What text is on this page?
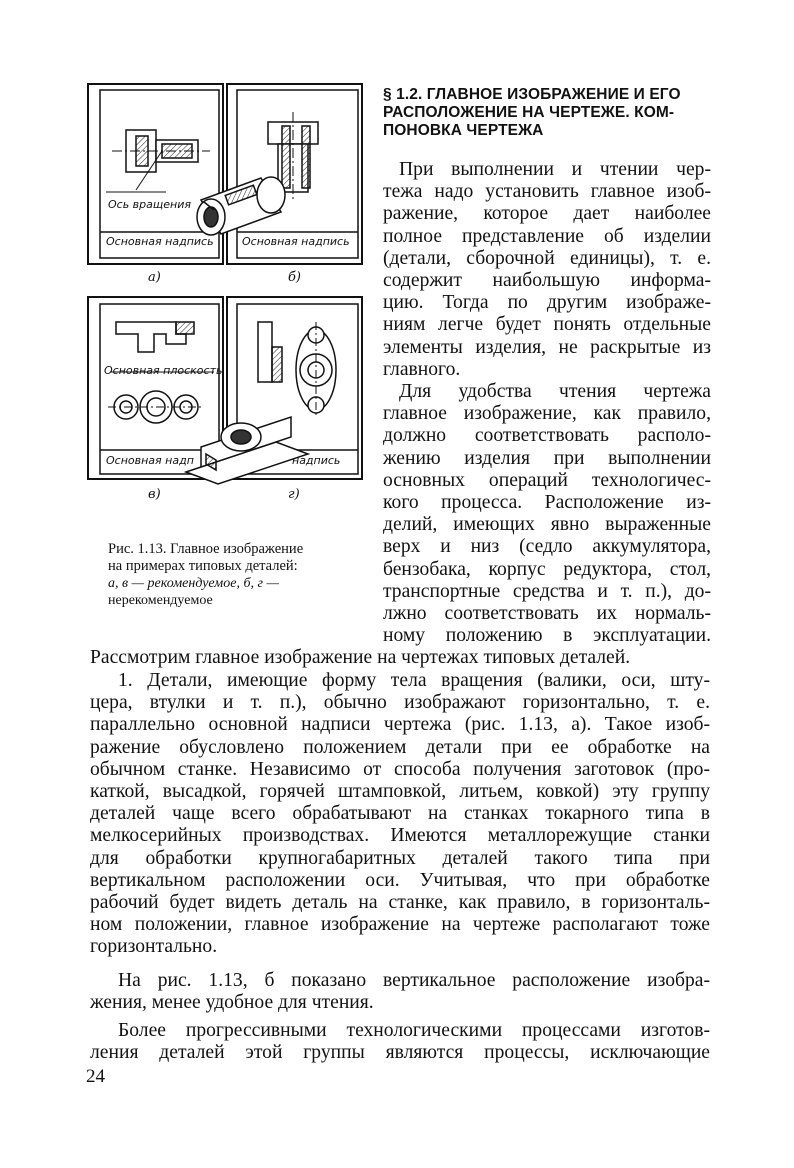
Ось вращения
Основная надпись	Основная надпись
Основная плоскость
Основная надп	надпись
а)	б)
в)	г)
Рис. 1.13. Главное изображение
на примерах типовых деталей:
а, в — рекомендуемое, б, г —
нерекомендуемое
§ 1.2. ГЛАВНОЕ ИЗОБРАЖЕНИЕ И ЕГО
РАСПОЛОЖЕНИЕ НА ЧЕРТЕЖЕ. КОМ-
ПОНОВКА ЧЕРТЕЖА
При выполнении и чтении чер-
тежа надо установить главное изоб-
ражение, которое дает наиболее
полное представление об изделии
(детали, сборочной единицы), т. е.
содержит наибольшую информа-
цию. Тогда по другим изображе-
ниям легче будет понять отдельные
элементы изделия, не раскрытые из
главного.
Для удобства чтения чертежа
главное изображение, как правило,
должно соответствовать располо-
жению изделия при выполнении
основных операций технологичес-
кого процесса. Расположение из-
делий, имеющих явно выраженные
верх и низ (седло аккумулятора,
бензобака, корпус редуктора, стол,
транспортные средства и т. п.), до-
лжно соответствовать их нормаль-
ному положению в эксплуатации.
Рассмотрим главное изображение на чертежах типовых деталей.
1. Детали, имеющие форму тела вращения (валики, оси, шту-
цера, втулки и т. п.), обычно изображают горизонтально, т. е.
параллельно основной надписи чертежа (рис. 1.13, а). Такое изоб-
ражение обусловлено положением детали при ее обработке на
обычном станке. Независимо от способа получения заготовок (про-
каткой, высадкой, горячей штамповкой, литьем, ковкой) эту группу
деталей чаще всего обрабатывают на станках токарного типа в
мелкосерийных производствах. Имеются металлорежущие станки
для обработки крупногабаритных деталей такого типа при
вертикальном расположении оси. Учитывая, что при обработке
рабочий будет видеть деталь на станке, как правило, в горизонталь-
ном положении, главное изображение на чертеже располагают тоже
горизонтально.
На рис. 1.13, б показано вертикальное расположение изобра-
жения, менее удобное для чтения.
Более прогрессивными технологическими процессами изготов-
ления деталей этой группы являются процессы, исключающие
24
